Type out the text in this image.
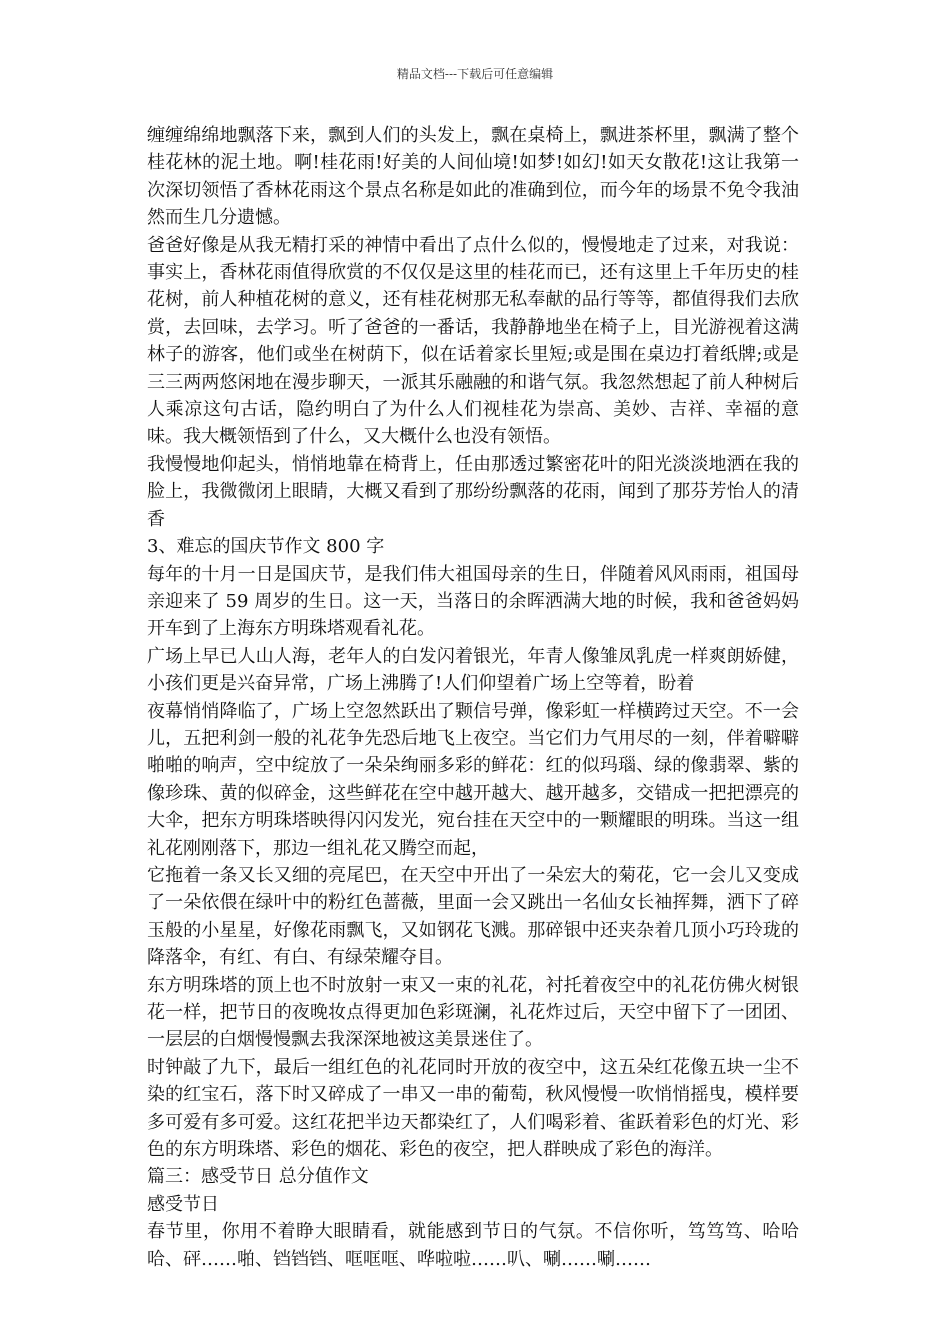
精品文档---下载后可任意编辑

缠缠绵绵地飘落下来，飘到人们的头发上，飘在桌椅上，飘进茶杯里，飘满了整个桂花林的泥土地。啊!桂花雨!好美的人间仙境!如梦!如幻!如天女散花!这让我第一次深切领悟了香林花雨这个景点名称是如此的准确到位，而今年的场景不免令我油然而生几分遗憾。

爸爸好像是从我无精打采的神情中看出了点什么似的，慢慢地走了过来，对我说：事实上，香林花雨值得欣赏的不仅仅是这里的桂花而已，还有这里上千年历史的桂花树，前人种植花树的意义，还有桂花树那无私奉献的品行等等，都值得我们去欣赏，去回味，去学习。听了爸爸的一番话，我静静地坐在椅子上，目光游视着这满林子的游客，他们或坐在树荫下，似在话着家长里短;或是围在桌边打着纸牌;或是三三两两悠闲地在漫步聊天，一派其乐融融的和谐气氛。我忽然想起了前人种树后人乘凉这句古话，隐约明白了为什么人们视桂花为崇高、美妙、吉祥、幸福的意味。我大概领悟到了什么，又大概什么也没有领悟。

我慢慢地仰起头，悄悄地靠在椅背上，任由那透过繁密花叶的阳光淡淡地洒在我的脸上，我微微闭上眼睛，大概又看到了那纷纷飘落的花雨，闻到了那芬芳怡人的清香

3、难忘的国庆节作文 800 字

每年的十月一日是国庆节，是我们伟大祖国母亲的生日，伴随着风风雨雨，祖国母亲迎来了 59 周岁的生日。这一天，当落日的余晖洒满大地的时候，我和爸爸妈妈开车到了上海东方明珠塔观看礼花。

广场上早已人山人海，老年人的白发闪着银光，年青人像雏凤乳虎一样爽朗娇健，小孩们更是兴奋异常，广场上沸腾了!人们仰望着广场上空等着，盼着

夜幕悄悄降临了，广场上空忽然跃出了颗信号弹，像彩虹一样横跨过天空。不一会儿，五把利剑一般的礼花争先恐后地飞上夜空。当它们力气用尽的一刻，伴着噼噼啪啪的响声，空中绽放了一朵朵绚丽多彩的鲜花：红的似玛瑙、绿的像翡翠、紫的像珍珠、黄的似碎金，这些鲜花在空中越开越大、越开越多，交错成一把把漂亮的大伞，把东方明珠塔映得闪闪发光，宛台挂在天空中的一颗耀眼的明珠。当这一组礼花刚刚落下，那边一组礼花又腾空而起，

它拖着一条又长又细的亮尾巴，在天空中开出了一朵宏大的菊花，它一会儿又变成了一朵依偎在绿叶中的粉红色蔷薇，里面一会又跳出一名仙女长袖挥舞，洒下了碎玉般的小星星，好像花雨飘飞，又如钢花飞溅。那碎银中还夹杂着几顶小巧玲珑的降落伞，有红、有白、有绿荣耀夺目。

东方明珠塔的顶上也不时放射一束又一束的礼花，衬托着夜空中的礼花仿佛火树银花一样，把节日的夜晚妆点得更加色彩斑澜，礼花炸过后，天空中留下了一团团、一层层的白烟慢慢飘去我深深地被这美景迷住了。

时钟敲了九下，最后一组红色的礼花同时开放的夜空中，这五朵红花像五块一尘不染的红宝石，落下时又碎成了一串又一串的葡萄，秋风慢慢一吹悄悄摇曳，模样要多可爱有多可爱。这红花把半边天都染红了，人们喝彩着、雀跃着彩色的灯光、彩色的东方明珠塔、彩色的烟花、彩色的夜空，把人群映成了彩色的海洋。

篇三：感受节日 总分值作文

感受节日

春节里，你用不着睁大眼睛看，就能感到节日的气氛。不信你听，笃笃笃、哈哈哈、砰……啪、铛铛铛、哐哐哐、哗啦啦……叭、唰……唰……
